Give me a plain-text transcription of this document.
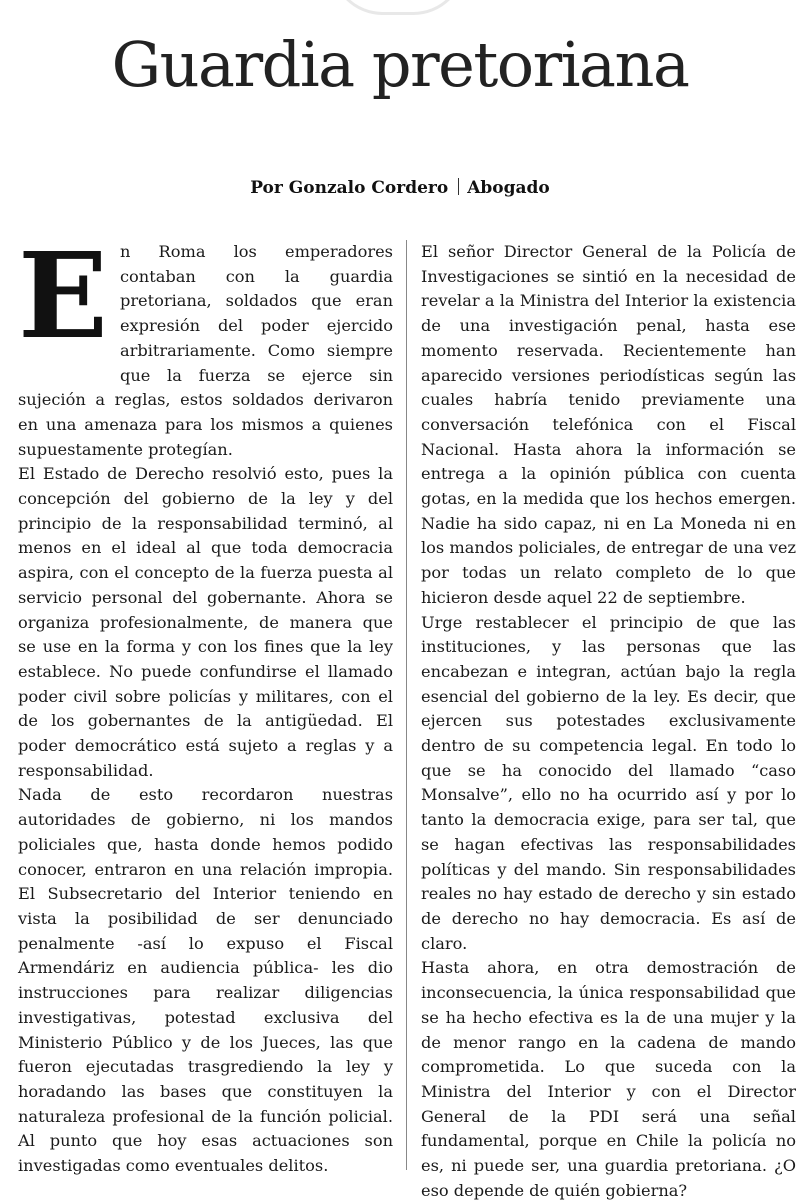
Guardia pretoriana
Por Gonzalo Cordero Abogado

En Roma los emperadores contaban con la guardia pretoriana, soldados que eran expresión del poder ejercido arbitrariamente. Como siempre que la fuerza se ejerce sin sujeción a reglas, estos soldados derivaron en una amenaza para los mismos a quienes supuestamente protegían.

El Estado de Derecho resolvió esto, pues la concepción del gobierno de la ley y del principio de la responsabilidad terminó, al menos en el ideal al que toda democracia aspira, con el concepto de la fuerza puesta al servicio personal del gobernante. Ahora se organiza profesionalmente, de manera que se use en la forma y con los fines que la ley establece. No puede confundirse el llamado poder civil sobre policías y militares, con el de los gobernantes de la antigüedad. El poder democrático está sujeto a reglas y a responsabilidad.

Nada de esto recordaron nuestras autoridades de gobierno, ni los mandos policiales que, hasta donde hemos podido conocer, entraron en una relación impropia. El Subsecretario del Interior teniendo en vista la posibilidad de ser denunciado penalmente -así lo expuso el Fiscal Armendáriz en audiencia pública- les dio instrucciones para realizar diligencias investigativas, potestad exclusiva del Ministerio Público y de los Jueces, las que fueron ejecutadas trasgrediendo la ley y horadando las bases que constituyen la naturaleza profesional de la función policial. Al punto que hoy esas actuaciones son investigadas como eventuales delitos.

El señor Director General de la Policía de Investigaciones se sintió en la necesidad de revelar a la Ministra del Interior la existencia de una investigación penal, hasta ese momento reservada. Recientemente han aparecido versiones periodísticas según las cuales habría tenido previamente una conversación telefónica con el Fiscal Nacional. Hasta ahora la información se entrega a la opinión pública con cuenta gotas, en la medida que los hechos emergen. Nadie ha sido capaz, ni en La Moneda ni en los mandos policiales, de entregar de una vez por todas un relato completo de lo que hicieron desde aquel 22 de septiembre.

Urge restablecer el principio de que las instituciones, y las personas que las encabezan e integran, actúan bajo la regla esencial del gobierno de la ley. Es decir, que ejercen sus potestades exclusivamente dentro de su competencia legal. En todo lo que se ha conocido del llamado “caso Monsalve”, ello no ha ocurrido así y por lo tanto la democracia exige, para ser tal, que se hagan efectivas las responsabilidades políticas y del mando. Sin responsabilidades reales no hay estado de derecho y sin estado de derecho no hay democracia. Es así de claro.

Hasta ahora, en otra demostración de inconsecuencia, la única responsabilidad que se ha hecho efectiva es la de una mujer y la de menor rango en la cadena de mando comprometida. Lo que suceda con la Ministra del Interior y con el Director General de la PDI será una señal fundamental, porque en Chile la policía no es, ni puede ser, una guardia pretoriana. ¿O eso depende de quién gobierna?
